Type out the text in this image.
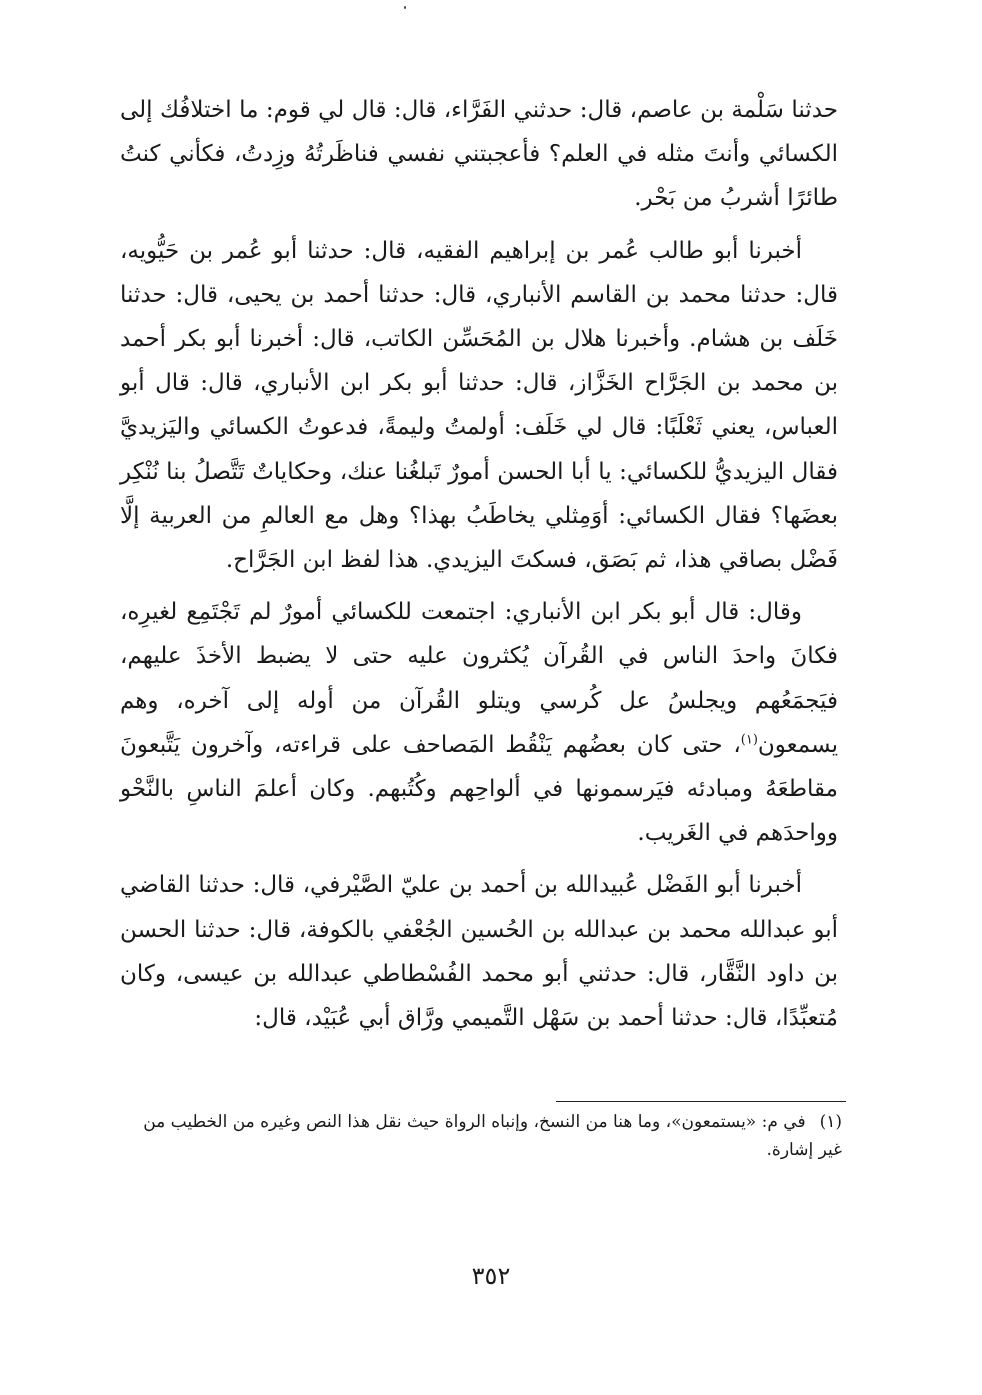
حدثنا سَلْمة بن عاصم، قال: حدثني الفَرَّاء، قال: قال لي قوم: ما اختلافُك إلى الكسائي وأنتَ مثله في العلم؟ فأعجبتني نفسي فناظَرتُهُ وزِدتُ، فكأني كنتُ طائرًا أشربُ من بَحْر.

أخبرنا أبو طالب عُمر بن إبراهيم الفقيه، قال: حدثنا أبو عُمر بن حَيُّويه، قال: حدثنا محمد بن القاسم الأنباري، قال: حدثنا أحمد بن يحيى، قال: حدثنا خَلَف بن هشام. وأخبرنا هلال بن المُحَسِّن الكاتب، قال: أخبرنا أبو بكر أحمد بن محمد بن الجَرَّاح الخَزَّاز، قال: حدثنا أبو بكر ابن الأنباري، قال: قال أبو العباس، يعني ثَعْلَبًا: قال لي خَلَف: أولمتُ وليمةً، فدعوتُ الكسائي واليَزيديَّ فقال اليزيديُّ للكسائي: يا أبا الحسن أمورٌ تَبلغُنا عنك، وحكاياتٌ تَتَّصلُ بنا نُنْكِر بعضَها؟ فقال الكسائي: أوَمِثلي يخاطَبُ بهذا؟ وهل مع العالمِ من العربية إلَّا فَضْل بصاقي هذا، ثم بَصَق، فسكتَ اليزيدي. هذا لفظ ابن الجَرَّاح.

وقال: قال أبو بكر ابن الأنباري: اجتمعت للكسائي أمورٌ لم تَجْتَمِع لغيرِه، فكانَ واحدَ الناس في القُرآن يُكثرون عليه حتى لا يضبط الأخذَ عليهم، فيَجمَعُهم ويجلسُ عل كُرسي ويتلو القُرآن من أوله إلى آخره، وهم يسمعون$^{(١)}$، حتى كان بعضُهم يَنْقُط المَصاحف على قراءته، وآخرون يَتَّبعونَ مقاطعَهُ ومبادئه فيَرسمونها في ألواحِهم وكُتُبهم. وكان أعلمَ الناسِ بالنَّحْو وواحدَهم في الغَريب.

أخبرنا أبو الفَضْل عُبيدالله بن أحمد بن عليّ الصَّيْرفي، قال: حدثنا القاضي أبو عبدالله محمد بن عبدالله بن الحُسين الجُعْفي بالكوفة، قال: حدثنا الحسن بن داود النَّقَّار، قال: حدثني أبو محمد الفُسْطاطي عبدالله بن عيسى، وكان مُتعبِّدًا، قال: حدثنا أحمد بن سَهْل التَّميمي ورَّاق أبي عُبَيْد، قال:

(١)في م: «يستمعون»، وما هنا من النسخ، وإنباه الرواة حيث نقل هذا النص وغيره من الخطيب من غير إشارة.
٣٥٢
